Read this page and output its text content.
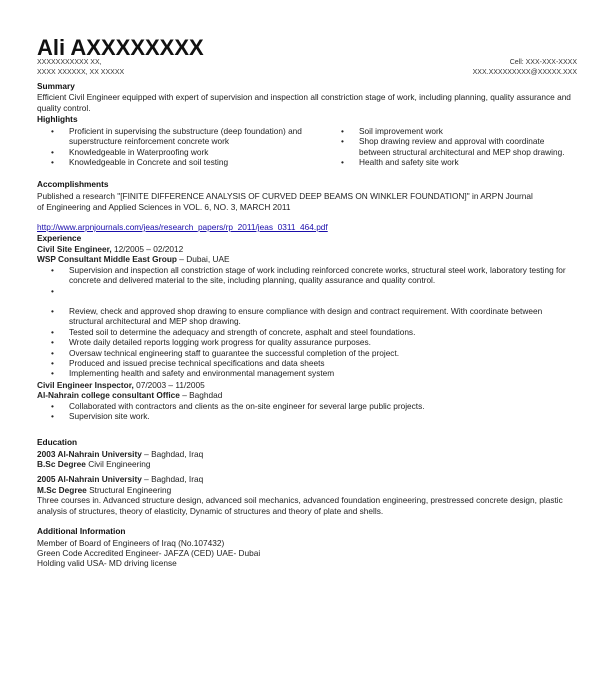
Ali AXXXXXXXX
XXXXXXXXXXX XX,
XXXX XXXXXX, XX XXXXX
Cell: XXX-XXX-XXXX
XXX.XXXXXXXXX@XXXXX.XXX
Summary
Efficient Civil Engineer equipped with expert of supervision and inspection all constriction stage of work, including planning, quality assurance and quality control.
Highlights
• Proficient in supervising the substructure (deep foundation) and superstructure reinforcement concrete work
• Knowledgeable in Waterproofing work
• Knowledgeable in Concrete and soil testing
• Soil improvement work
• Shop drawing review and approval with coordinate between structural architectural and MEP shop drawing.
• Health and safety site work
Accomplishments
Published a research "[FINITE DIFFERENCE ANALYSIS OF CURVED DEEP BEAMS ON WINKLER FOUNDATION]" in ARPN Journal of Engineering and Applied Sciences in VOL. 6, NO. 3, MARCH 2011
http://www.arpnjournals.com/jeas/research_papers/rp_2011/jeas_0311_464.pdf
Experience
Civil Site Engineer, 12/2005 – 02/2012
WSP Consultant Middle East Group – Dubai, UAE
• Supervision and inspection all constriction stage of work including reinforced concrete works, structural steel work, laboratory testing for concrete and delivered material to the site, including planning, quality assurance and quality control.
•
• Review, check and approved shop drawing to ensure compliance with design and contract requirement. With coordinate between structural architectural and MEP shop drawing.
• Tested soil to determine the adequacy and strength of concrete, asphalt and steel foundations.
• Wrote daily detailed reports logging work progress for quality assurance purposes.
• Oversaw technical engineering staff to guarantee the successful completion of the project.
• Produced and issued precise technical specifications and data sheets
• Implementing health and safety and environmental management system
Civil Engineer Inspector, 07/2003 – 11/2005
Al-Nahrain college consultant Office – Baghdad
• Collaborated with contractors and clients as the on-site engineer for several large public projects.
• Supervision site work.
Education
2003 Al-Nahrain University – Baghdad, Iraq
B.Sc Degree Civil Engineering
2005 Al-Nahrain University – Baghdad, Iraq
M.Sc Degree Structural Engineering
Three courses in. Advanced structure design, advanced soil mechanics, advanced foundation engineering, prestressed concrete design, plastic analysis of structures, theory of elasticity, Dynamic of structures and theory of plate and shells.
Additional Information
Member of Board of Engineers of Iraq (No.107432)
Green Code Accredited Engineer- JAFZA (CED) UAE- Dubai
Holding valid USA- MD driving license
